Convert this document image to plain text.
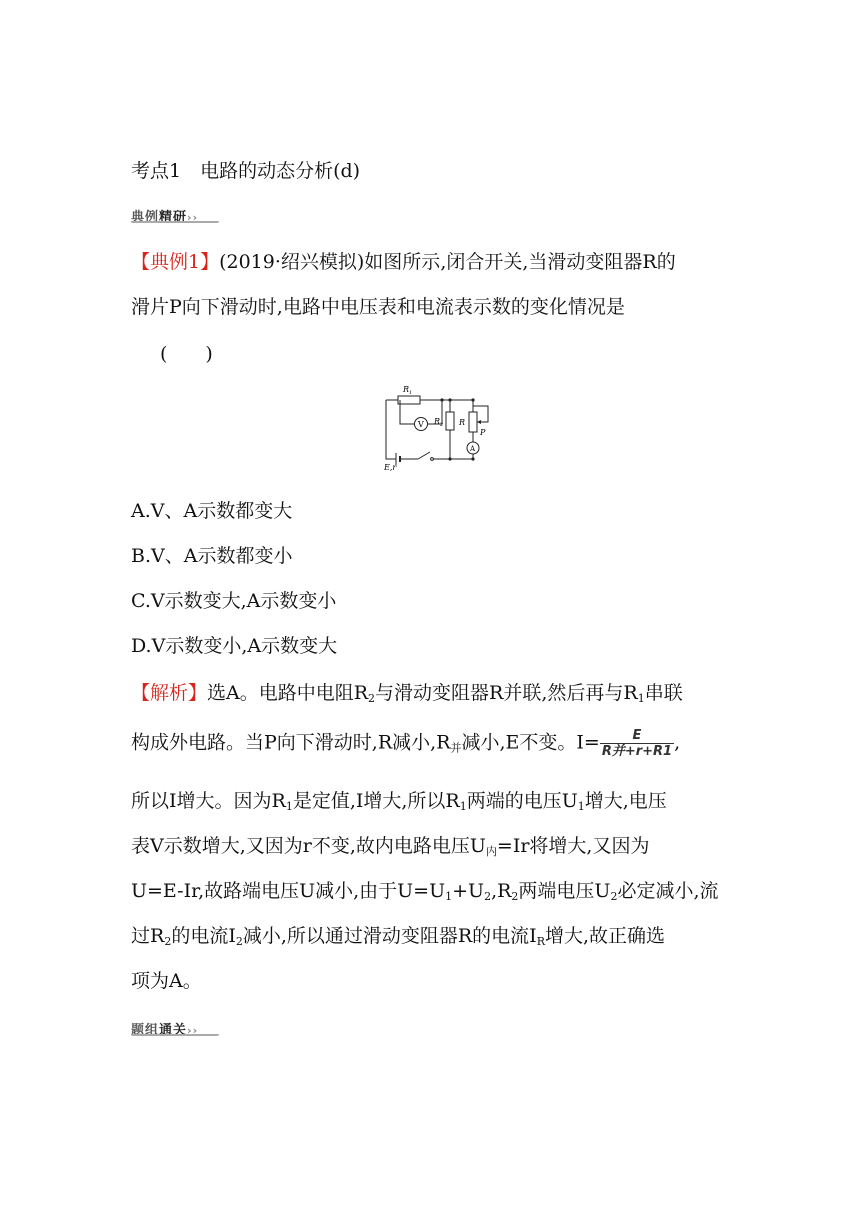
考点1　电路的动态分析(d)
典例精研››
【典例1】(2019·绍兴模拟)如图所示,闭合开关,当滑动变阻器R的
滑片P向下滑动时,电路中电压表和电流表示数的变化情况是
(　　)
$R_1$
$R_2$ R
P
V
A
E,r
A.V、A示数都变大
B.V、A示数都变小
C.V示数变大,A示数变小
D.V示数变小,A示数变大
【解析】选A。电路中电阻$R_2$与滑动变阻器R并联,然后再与$R_1$串联
构成外电路。当P向下滑动时,R减小$,R_并$减小,E不变。$I= \frac{E}{\text{R并+r+R1}}$ ,
所以I增大。因为$R_1$是定值,I增大,所以$R_1$两端的电压$U_1$增大,电压
表V示数增大,又因为r不变,故内电路电压$U_内=Ir$将增大,又因为
U=E-Ir,故路端电压U减小,由于$U=U_1+U_2,R_2$两端电压$U_2$必定减小,流
过$R_2$的电流$I_2$减小,所以通过滑动变阻器R的电流$I_R$增大,故正确选
项为A。
题组通关››
